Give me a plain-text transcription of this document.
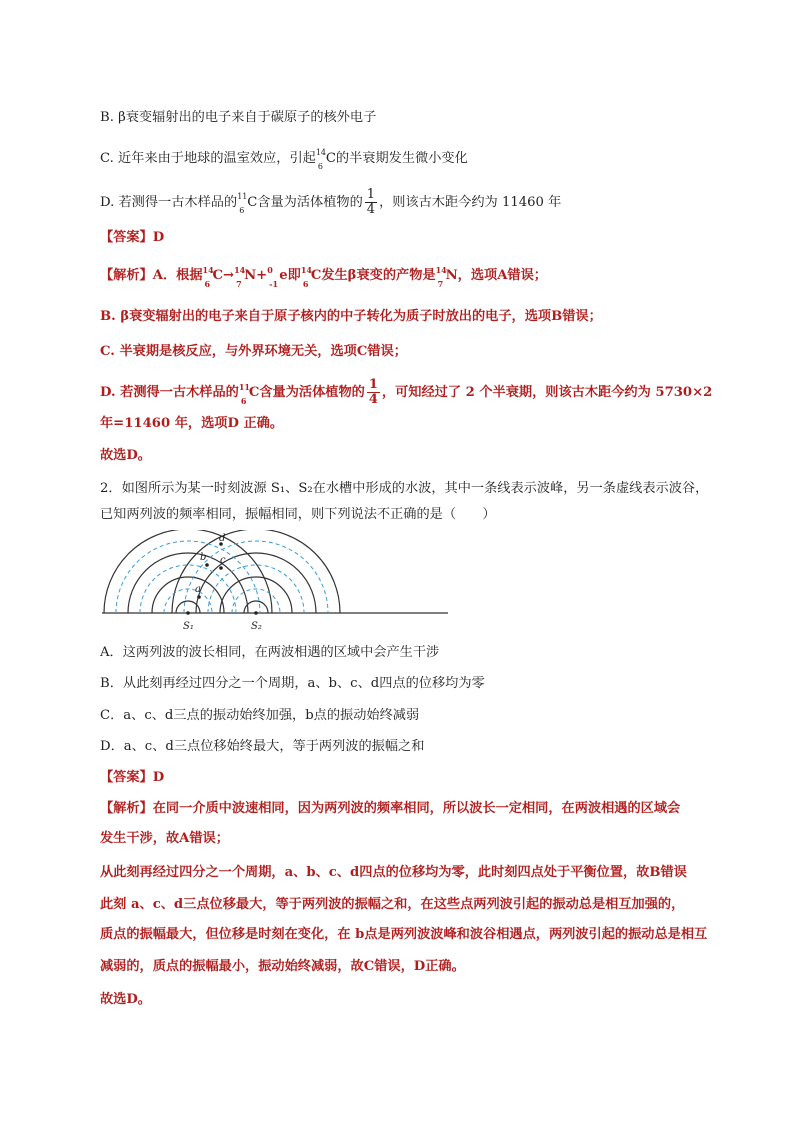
B. β衰变辐射出的电子来自于碳原子的核外电子
C. 近年来由于地球的温室效应，引起 14
6
C的半衰期发生微小变化
D. 若测得一古木样品的 11
6
C含量为活体植物的 $\frac{1}{4}$ ，则该古木距今约为 11460 年
【答案】D
【解析】A．根据 14
6
C→ 14
7
N+ 0
-1
e即 14
6
C发生β衰变的产物是 14
7
N，选项A错误；
B. β衰变辐射出的电子来自于原子核内的中子转化为质子时放出的电子，选项B错误；
C. 半衰期是核反应，与外界环境无关，选项C错误；
D. 若测得一古木样品的 11
6
C含量为活体植物的 $\frac{1}{4}$ ，可知经过了 2 个半衰期，则该古木距今约为 5730×2
年=11460 年，选项D 正确。
故选D。
2．如图所示为某一时刻波源 S₁、S₂在水槽中形成的水波，其中一条线表示波峰，另一条虚线表示波谷，
已知两列波的频率相同，振幅相同，则下列说法不正确的是（　　）
S₁	S₂
a
b c
d
A．这两列波的波长相同，在两波相遇的区域中会产生干涉
B．从此刻再经过四分之一个周期，a、b、c、d四点的位移均为零
C．a、c、d三点的振动始终加强，b点的振动始终减弱
D．a、c、d三点位移始终最大，等于两列波的振幅之和
【答案】D
【解析】在同一介质中波速相同，因为两列波的频率相同，所以波长一定相同，在两波相遇的区域会
发生干涉，故A错误；
从此刻再经过四分之一个周期，a、b、c、d四点的位移均为零，此时刻四点处于平衡位置，故B错误
此刻 a、c、d三点位移最大，等于两列波的振幅之和，在这些点两列波引起的振动总是相互加强的，
质点的振幅最大，但位移是时刻在变化，在 b点是两列波波峰和波谷相遇点，两列波引起的振动总是相互
减弱的，质点的振幅最小，振动始终减弱，故C错误，D正确。
故选D。
